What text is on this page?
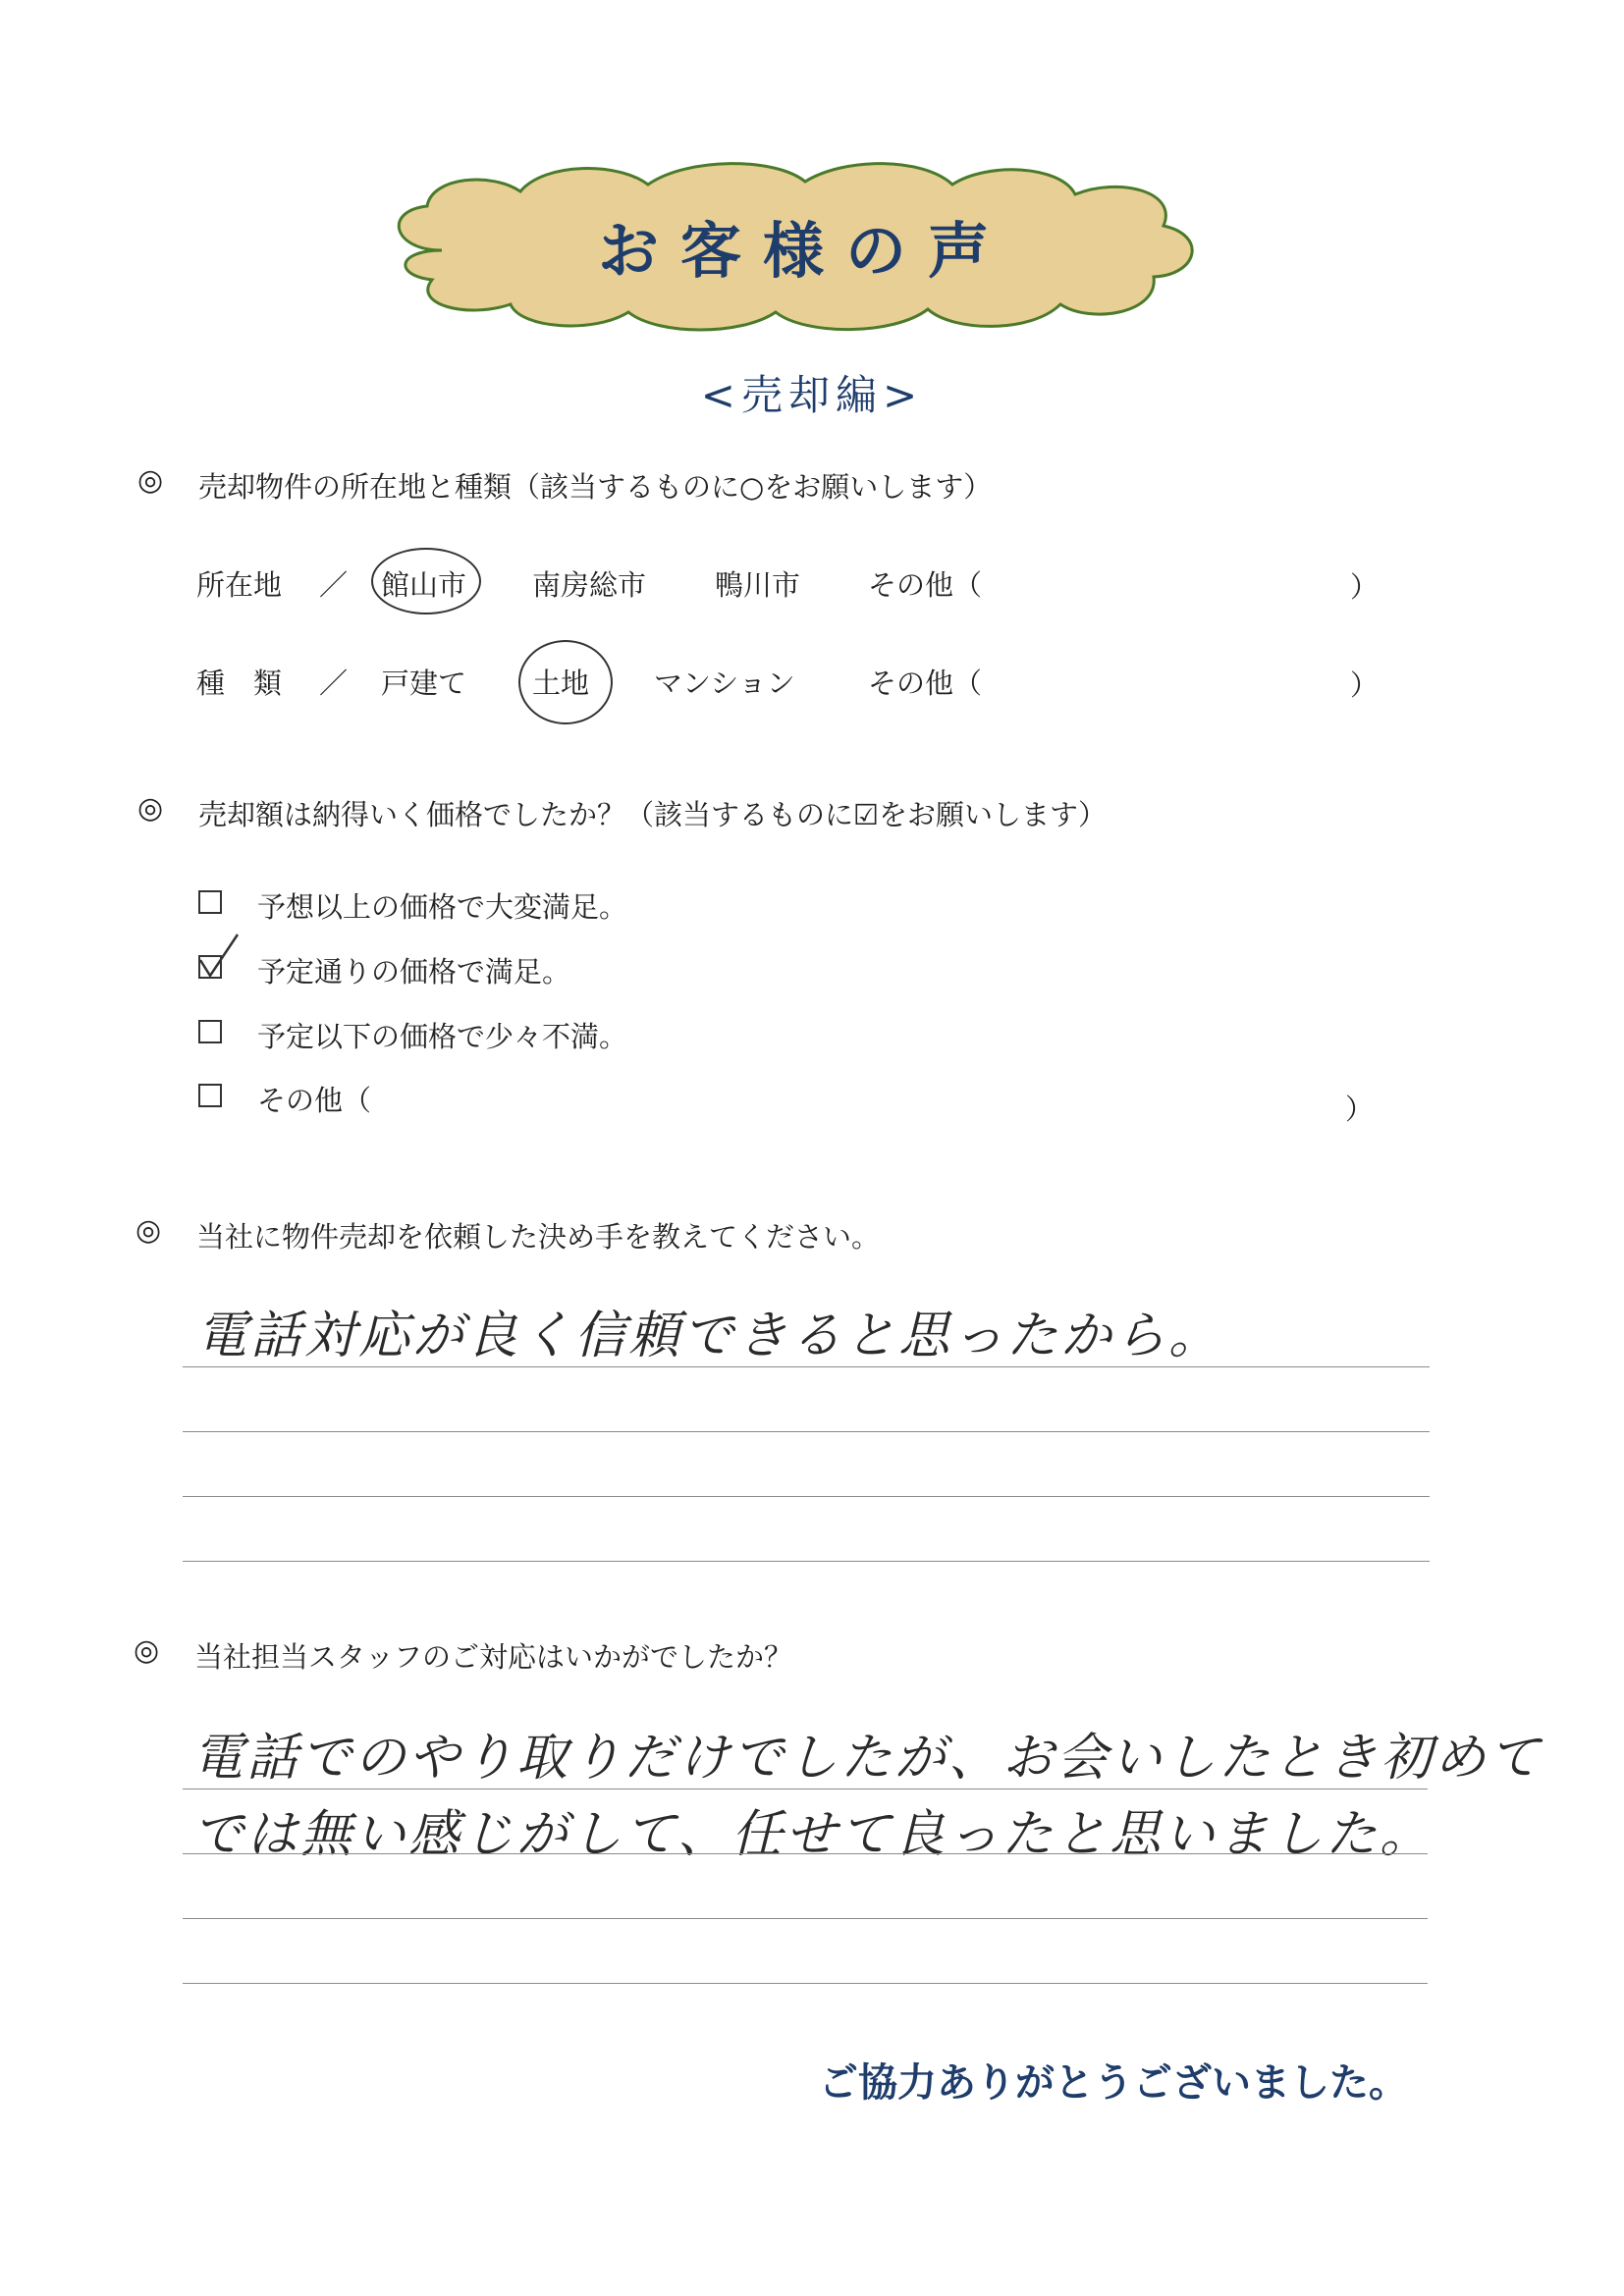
お客様の声
<売却編>
◎ 売却物件の所在地と種類（該当するものに○をお願いします）
所在地 ／ 館山市 南房総市 鴨川市 その他（	）
種　類 ／ 戸建て 土地 マンション	その他（	）
◎ 売却額は納得いく価格でしたか？（該当するものに☑をお願いします）
予想以上の価格で大変満足。
予定通りの価格で満足。
予定以下の価格で少々不満。
その他（	）
◎ 当社に物件売却を依頼した決め手を教えてください。
電話対応が良く信頼できると思ったから。
◎ 当社担当スタッフのご対応はいかがでしたか？
電話でのやり取りだけでしたが、お会いしたとき初めて
では無い感じがして、任せて良ったと思いました。
ご協力ありがとうございました。
